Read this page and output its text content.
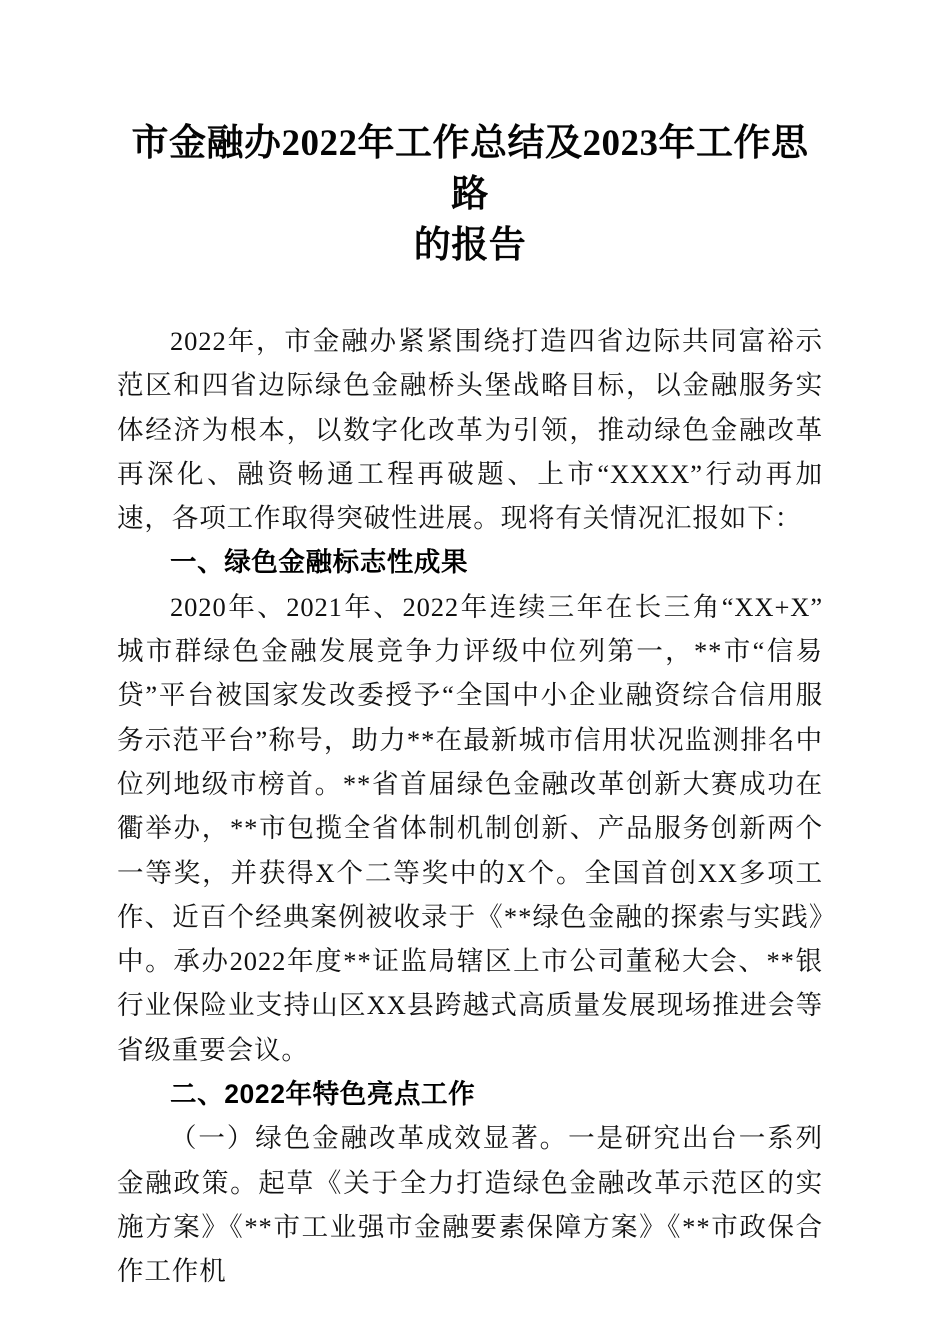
市金融办2022年工作总结及2023年工作思路
的报告

2022年，市金融办紧紧围绕打造四省边际共同富裕示范区和四省边际绿色金融桥头堡战略目标，以金融服务实体经济为根本，以数字化改革为引领，推动绿色金融改革再深化、融资畅通工程再破题、上市“XXXX”行动再加速，各项工作取得突破性进展。现将有关情况汇报如下：

一、绿色金融标志性成果

2020年、2021年、2022年连续三年在长三角“XX+X”城市群绿色金融发展竞争力评级中位列第一，**市“信易贷”平台被国家发改委授予“全国中小企业融资综合信用服务示范平台”称号，助力**在最新城市信用状况监测排名中位列地级市榜首。**省首届绿色金融改革创新大赛成功在衢举办，**市包揽全省体制机制创新、产品服务创新两个一等奖，并获得X个二等奖中的X个。全国首创XX多项工作、近百个经典案例被收录于《**绿色金融的探索与实践》中。承办2022年度**证监局辖区上市公司董秘大会、**银行业保险业支持山区XX县跨越式高质量发展现场推进会等省级重要会议。

二、2022年特色亮点工作

（一）绿色金融改革成效显著。一是研究出台一系列金融政策。起草《关于全力打造绿色金融改革示范区的实施方案》《**市工业强市金融要素保障方案》《**市政保合作工作机
